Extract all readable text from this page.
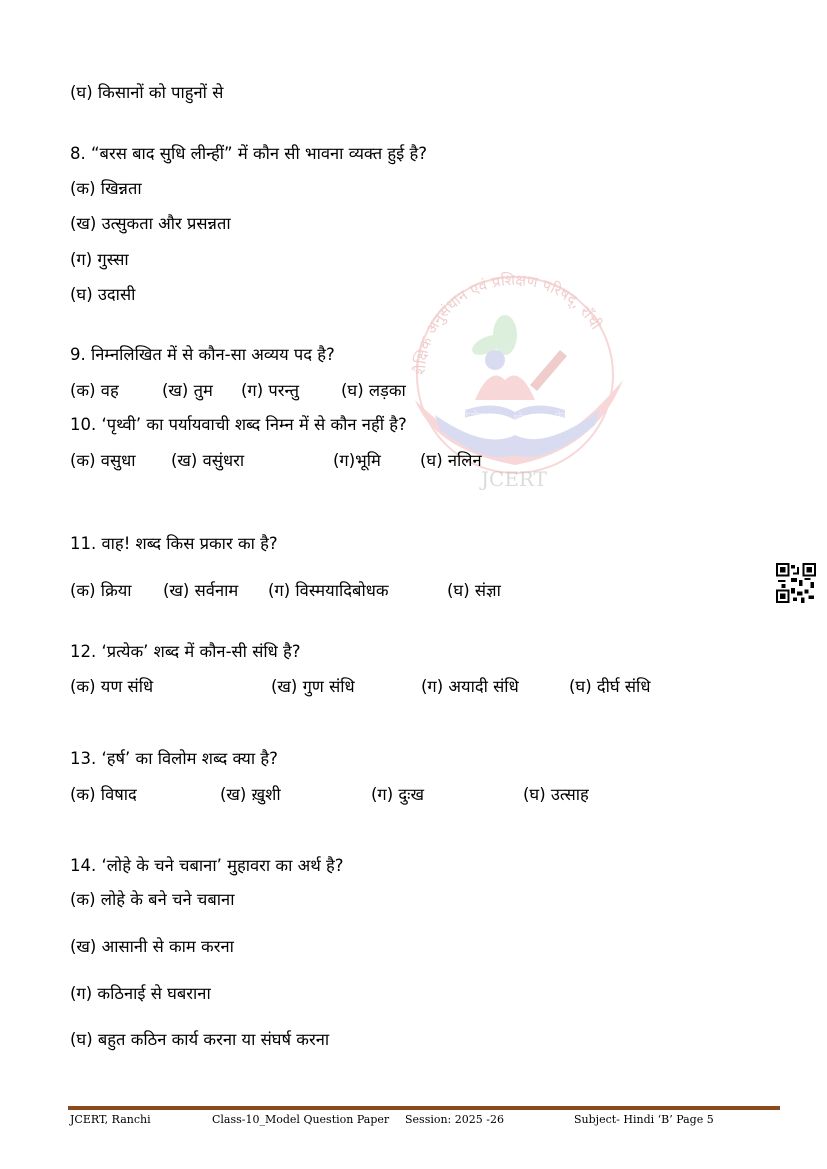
शैक्षिक अनुसंधान एवं प्रशिक्षण परिषद्, राँची
नवोन्मेष	शोध नेतृत्व
JCERT
(घ) किसानों को पाहुनों से
8. “बरस बाद सुधि लीन्हीं” में कौन सी भावना व्यक्त हुई है?
(क) खिन्नता
(ख) उत्सुकता और प्रसन्नता
(ग) गुस्सा
(घ) उदासी
9. निम्नलिखित में से कौन-सा अव्यय पद है?
(क) वह	(ख) तुम (ग) परन्तु	(घ) लड़का
10. ‘पृथ्वी’ का पर्यायवाची शब्द निम्न में से कौन नहीं है?
(क) वसुधा (ख) वसुंधरा	(ग)भूमि (घ) नलिन
11. वाह! शब्द किस प्रकार का है?
(क) क्रिया (ख) सर्वनाम (ग) विस्मयादिबोधक	(घ) संज्ञा
12. ‘प्रत्येक’ शब्द में कौन-सी संधि है?
(क) यण संधि	(ख) गुण संधि	(ग) अयादी संधि	(घ) दीर्घ संधि
13. ‘हर्ष’ का विलोम शब्द क्या है?
(क) विषाद	(ख) ख़ुशी	(ग) दुःख	(घ) उत्साह
14. ‘लोहे के चने चबाना’ मुहावरा का अर्थ है?
(क) लोहे के बने चने चबाना
(ख) आसानी से काम करना
(ग) कठिनाई से घबराना
(घ) बहुत कठिन कार्य करना या संघर्ष करना
JCERT, Ranchi	Class-10_Model Question Paper Session: 2025 -26	Subject- Hindi ‘B’ Page 5
